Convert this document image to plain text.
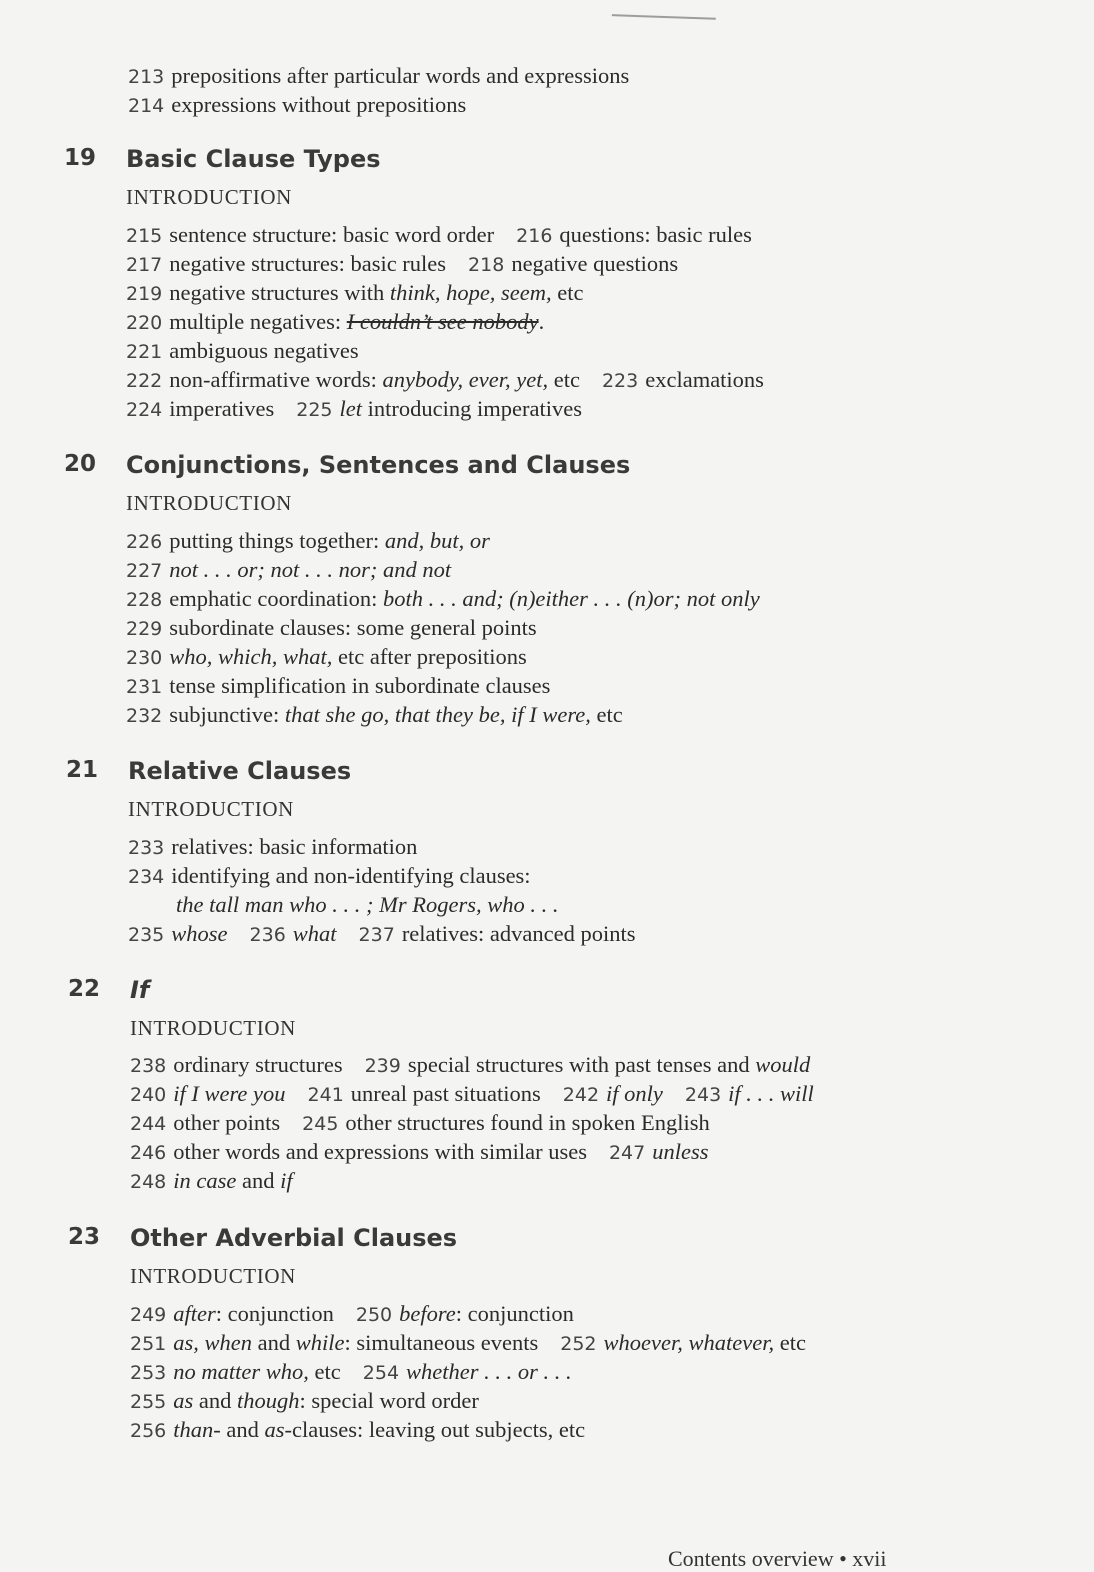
213 prepositions after particular words and expressions
214 expressions without prepositions
19 Basic Clause Types
INTRODUCTION
215 sentence structure: basic word order 216 questions: basic rules
217 negative structures: basic rules 218 negative questions
219 negative structures with think, hope, seem, etc
220 multiple negatives: I couldn’t see nobody.
221 ambiguous negatives
222 non-affirmative words: anybody, ever, yet, etc 223 exclamations
224 imperatives 225 let introducing imperatives
20 Conjunctions, Sentences and Clauses
INTRODUCTION
226 putting things together: and, but, or
227 not . . . or; not . . . nor; and not
228 emphatic coordination: both . . . and; (n)either . . . (n)or; not only
229 subordinate clauses: some general points
230 who, which, what, etc after prepositions
231 tense simplification in subordinate clauses
232 subjunctive: that she go, that they be, if I were, etc
21 Relative Clauses
INTRODUCTION
233 relatives: basic information
234 identifying and non-identifying clauses:
the tall man who . . . ; Mr Rogers, who . . .
235 whose 236 what 237 relatives: advanced points
22 If
INTRODUCTION
238 ordinary structures 239 special structures with past tenses and would
240 if I were you 241 unreal past situations 242 if only 243 if . . . will
244 other points 245 other structures found in spoken English
246 other words and expressions with similar uses 247 unless
248 in case and if
23 Other Adverbial Clauses
INTRODUCTION
249 after: conjunction 250 before: conjunction
251 as, when and while: simultaneous events 252 whoever, whatever, etc
253 no matter who, etc 254 whether . . . or . . .
255 as and though: special word order
256 than- and as-clauses: leaving out subjects, etc
Contents overview • xvii
